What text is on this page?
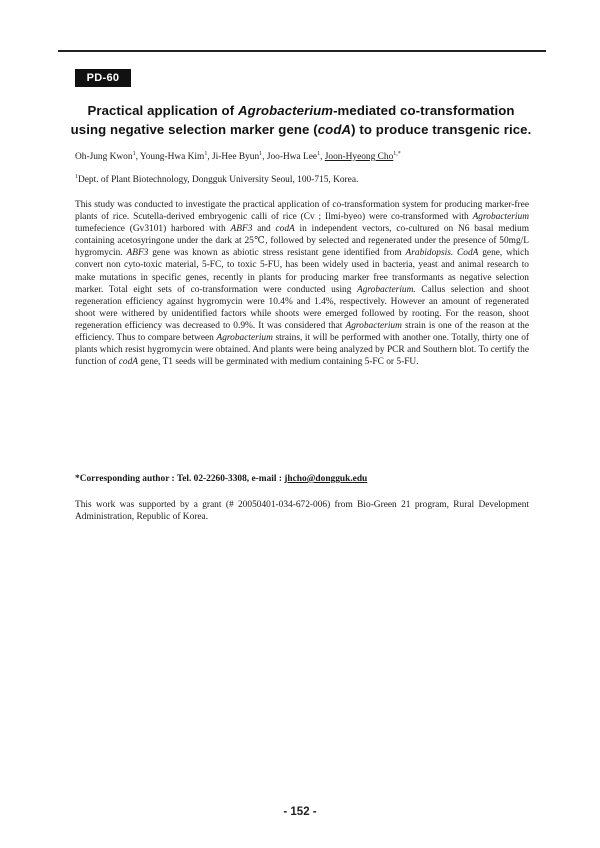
PD-60
Practical application of Agrobacterium-mediated co-transformation using negative selection marker gene (codA) to produce transgenic rice.
Oh-Jung Kwon$^1$, Young-Hwa Kim$^1$, Ji-Hee Byun$^1$, Joo-Hwa Lee$^1$, Joon-Hyeong Cho$^{1,*}$
$^1$Dept. of Plant Biotechnology, Dongguk University Seoul, 100-715, Korea.

This study was conducted to investigate the practical application of co-transformation system for producing marker-free plants of rice. Scutella-derived embryogenic calli of rice (Cv ; Ilmi-byeo) were co-transformed with Agrobacterium tumefecience (Gv3101) harbored with ABF3 and codA in independent vectors, co-cultured on N6 basal medium containing acetosyringone under the dark at 25℃, followed by selected and regenerated under the presence of 50mg/L hygromycin. ABF3 gene was known as abiotic stress resistant gene identified from Arabidopsis. CodA gene, which convert non cyto-toxic material, 5-FC, to toxic 5-FU, has been widely used in bacteria, yeast and animal research to make mutations in specific genes, recently in plants for producing marker free transformants as negative selection marker. Total eight sets of co-transformation were conducted using Agrobacterium. Callus selection and shoot regeneration efficiency against hygromycin were 10.4% and 1.4%, respectively. However an amount of regenerated shoot were withered by unidentified factors while shoots were emerged followed by rooting. For the reason, shoot regeneration efficiency was decreased to 0.9%. It was considered that Agrobacterium strain is one of the reason at the efficiency. Thus to compare between Agrobacterium strains, it will be performed with another one. Totally, thirty one of plants which resist hygromycin were obtained. And plants were being analyzed by PCR and Southern blot. To certify the function of codA gene, T1 seeds will be germinated with medium containing 5-FC or 5-FU.

*Corresponding author : Tel. 02-2260-3308, e-mail : jhcho@dongguk.edu

This work was supported by a grant (# 20050401-034-672-006) from Bio-Green 21 program, Rural Development Administration, Republic of Korea.

- 152 -
